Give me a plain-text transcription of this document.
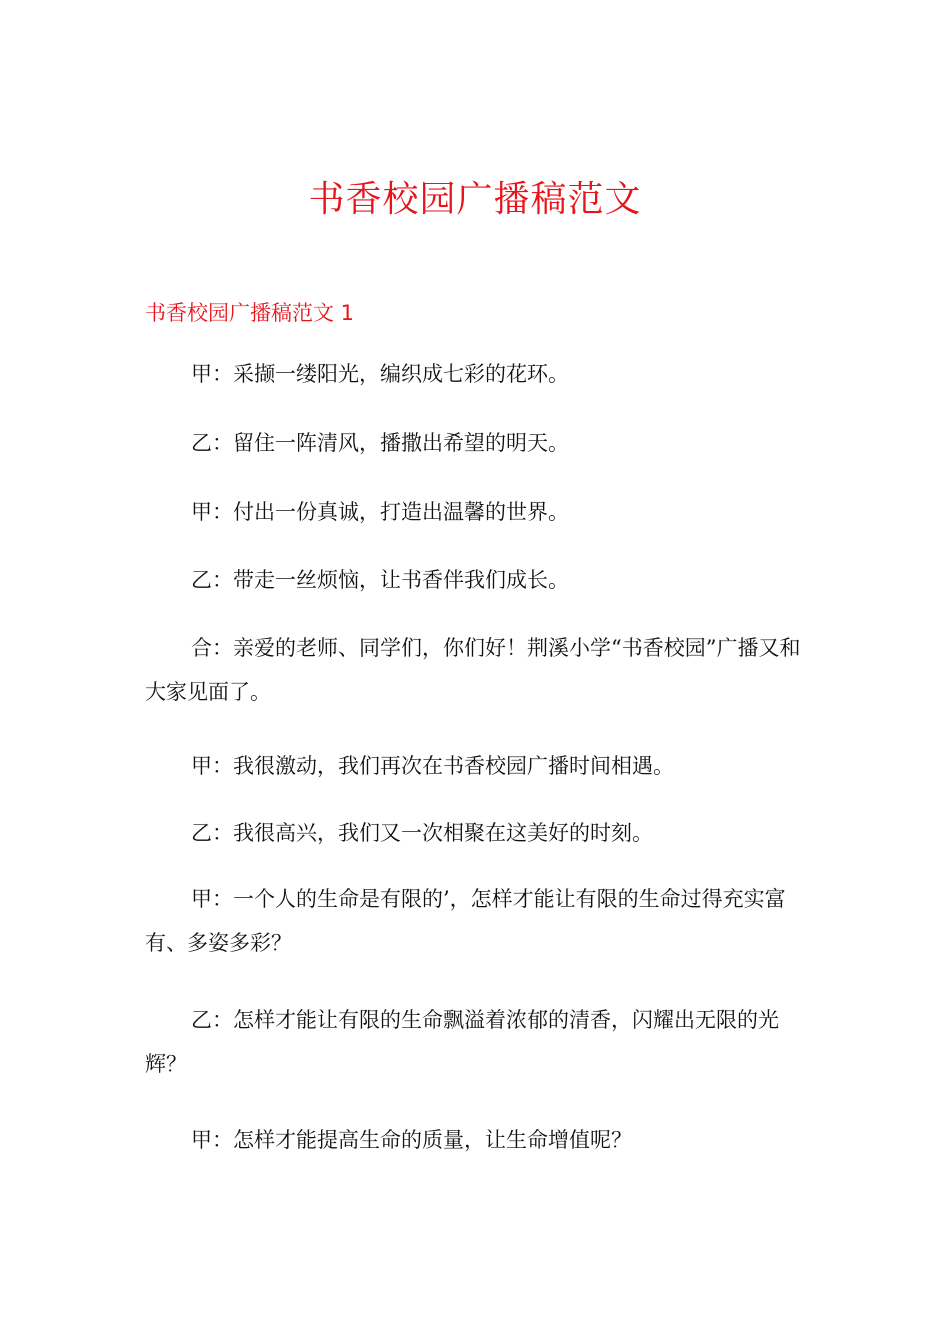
书香校园广播稿范文
书香校园广播稿范文 1

甲：采撷一缕阳光，编织成七彩的花环。

乙：留住一阵清风，播撒出希望的明天。

甲：付出一份真诚，打造出温馨的世界。

乙：带走一丝烦恼，让书香伴我们成长。

合：亲爱的老师、同学们，你们好！荆溪小学“书香校园”广播又和大家见面了。

甲：我很激动，我们再次在书香校园广播时间相遇。

乙：我很高兴，我们又一次相聚在这美好的时刻。

甲：一个人的生命是有限的’，怎样才能让有限的生命过得充实富有、多姿多彩？

乙：怎样才能让有限的生命飘溢着浓郁的清香，闪耀出无限的光辉？

甲：怎样才能提高生命的质量，让生命增值呢？
